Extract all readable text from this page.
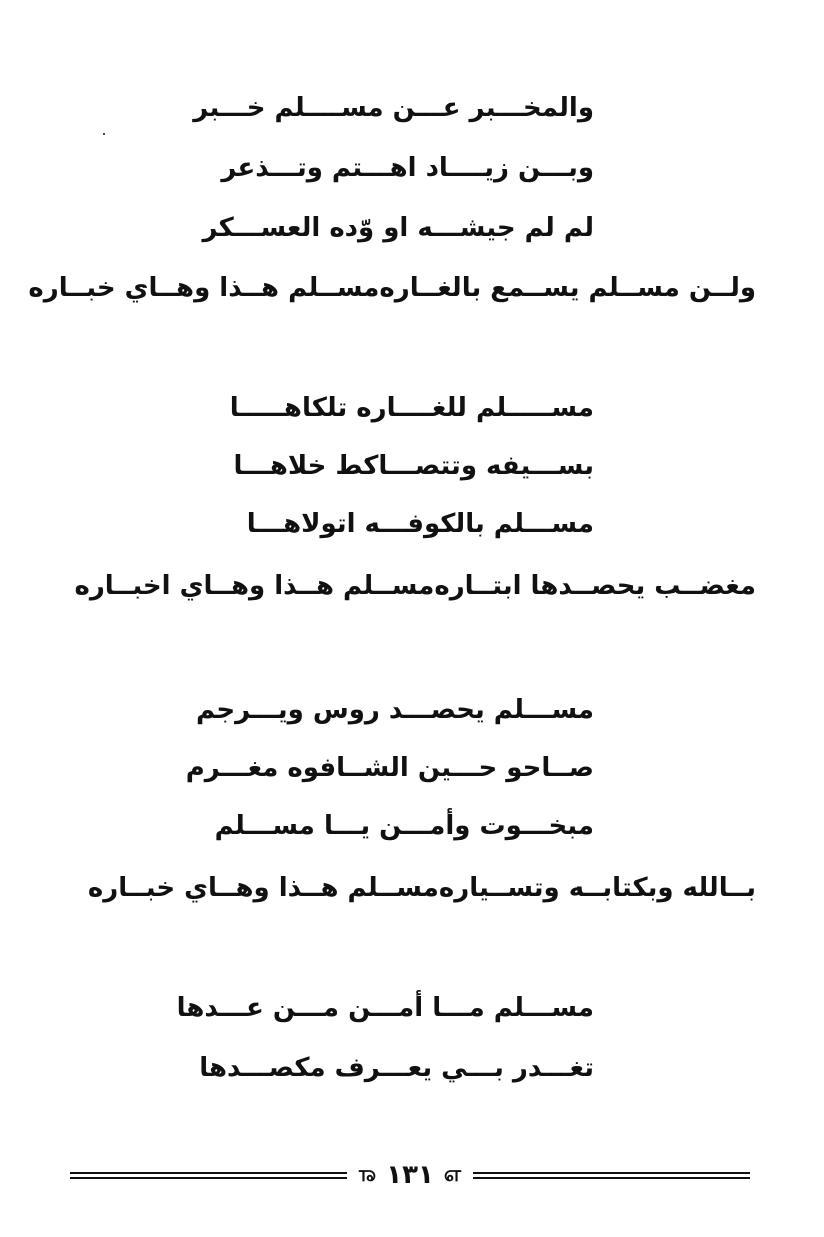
والمخـــبر عـــن مســــلم خـــبر
وبـــن زيــــاد اهـــتم وتـــذعر
لم لم جيشـــه او وّده العســـكر
ولــن مســلم يســمع بالغــاره
مســلم هــذا وهــاي خبــاره
مســـــلم للغــــاره تلكاهـــــا
بســـيفه وتتصـــاكط خلاهـــا
مســـلم بالكوفـــه اتولاهـــا
مغضــب يحصــدها ابتــاره
مســلم هــذا وهــاي اخبــاره
مســـلم يحصـــد روس ويـــرجم
صــاحو حـــين الشــافوه مغـــرم
مبخـــوت وأمـــن يـــا مســـلم
بــالله وبكتابــه وتســياره
مســلم هــذا وهــاي خبــاره
مســـلم مـــا أمـــن مـــن عـــدها
تغـــدر بـــي يعـــرف مكصـــدها
எ
١٣١
எ
